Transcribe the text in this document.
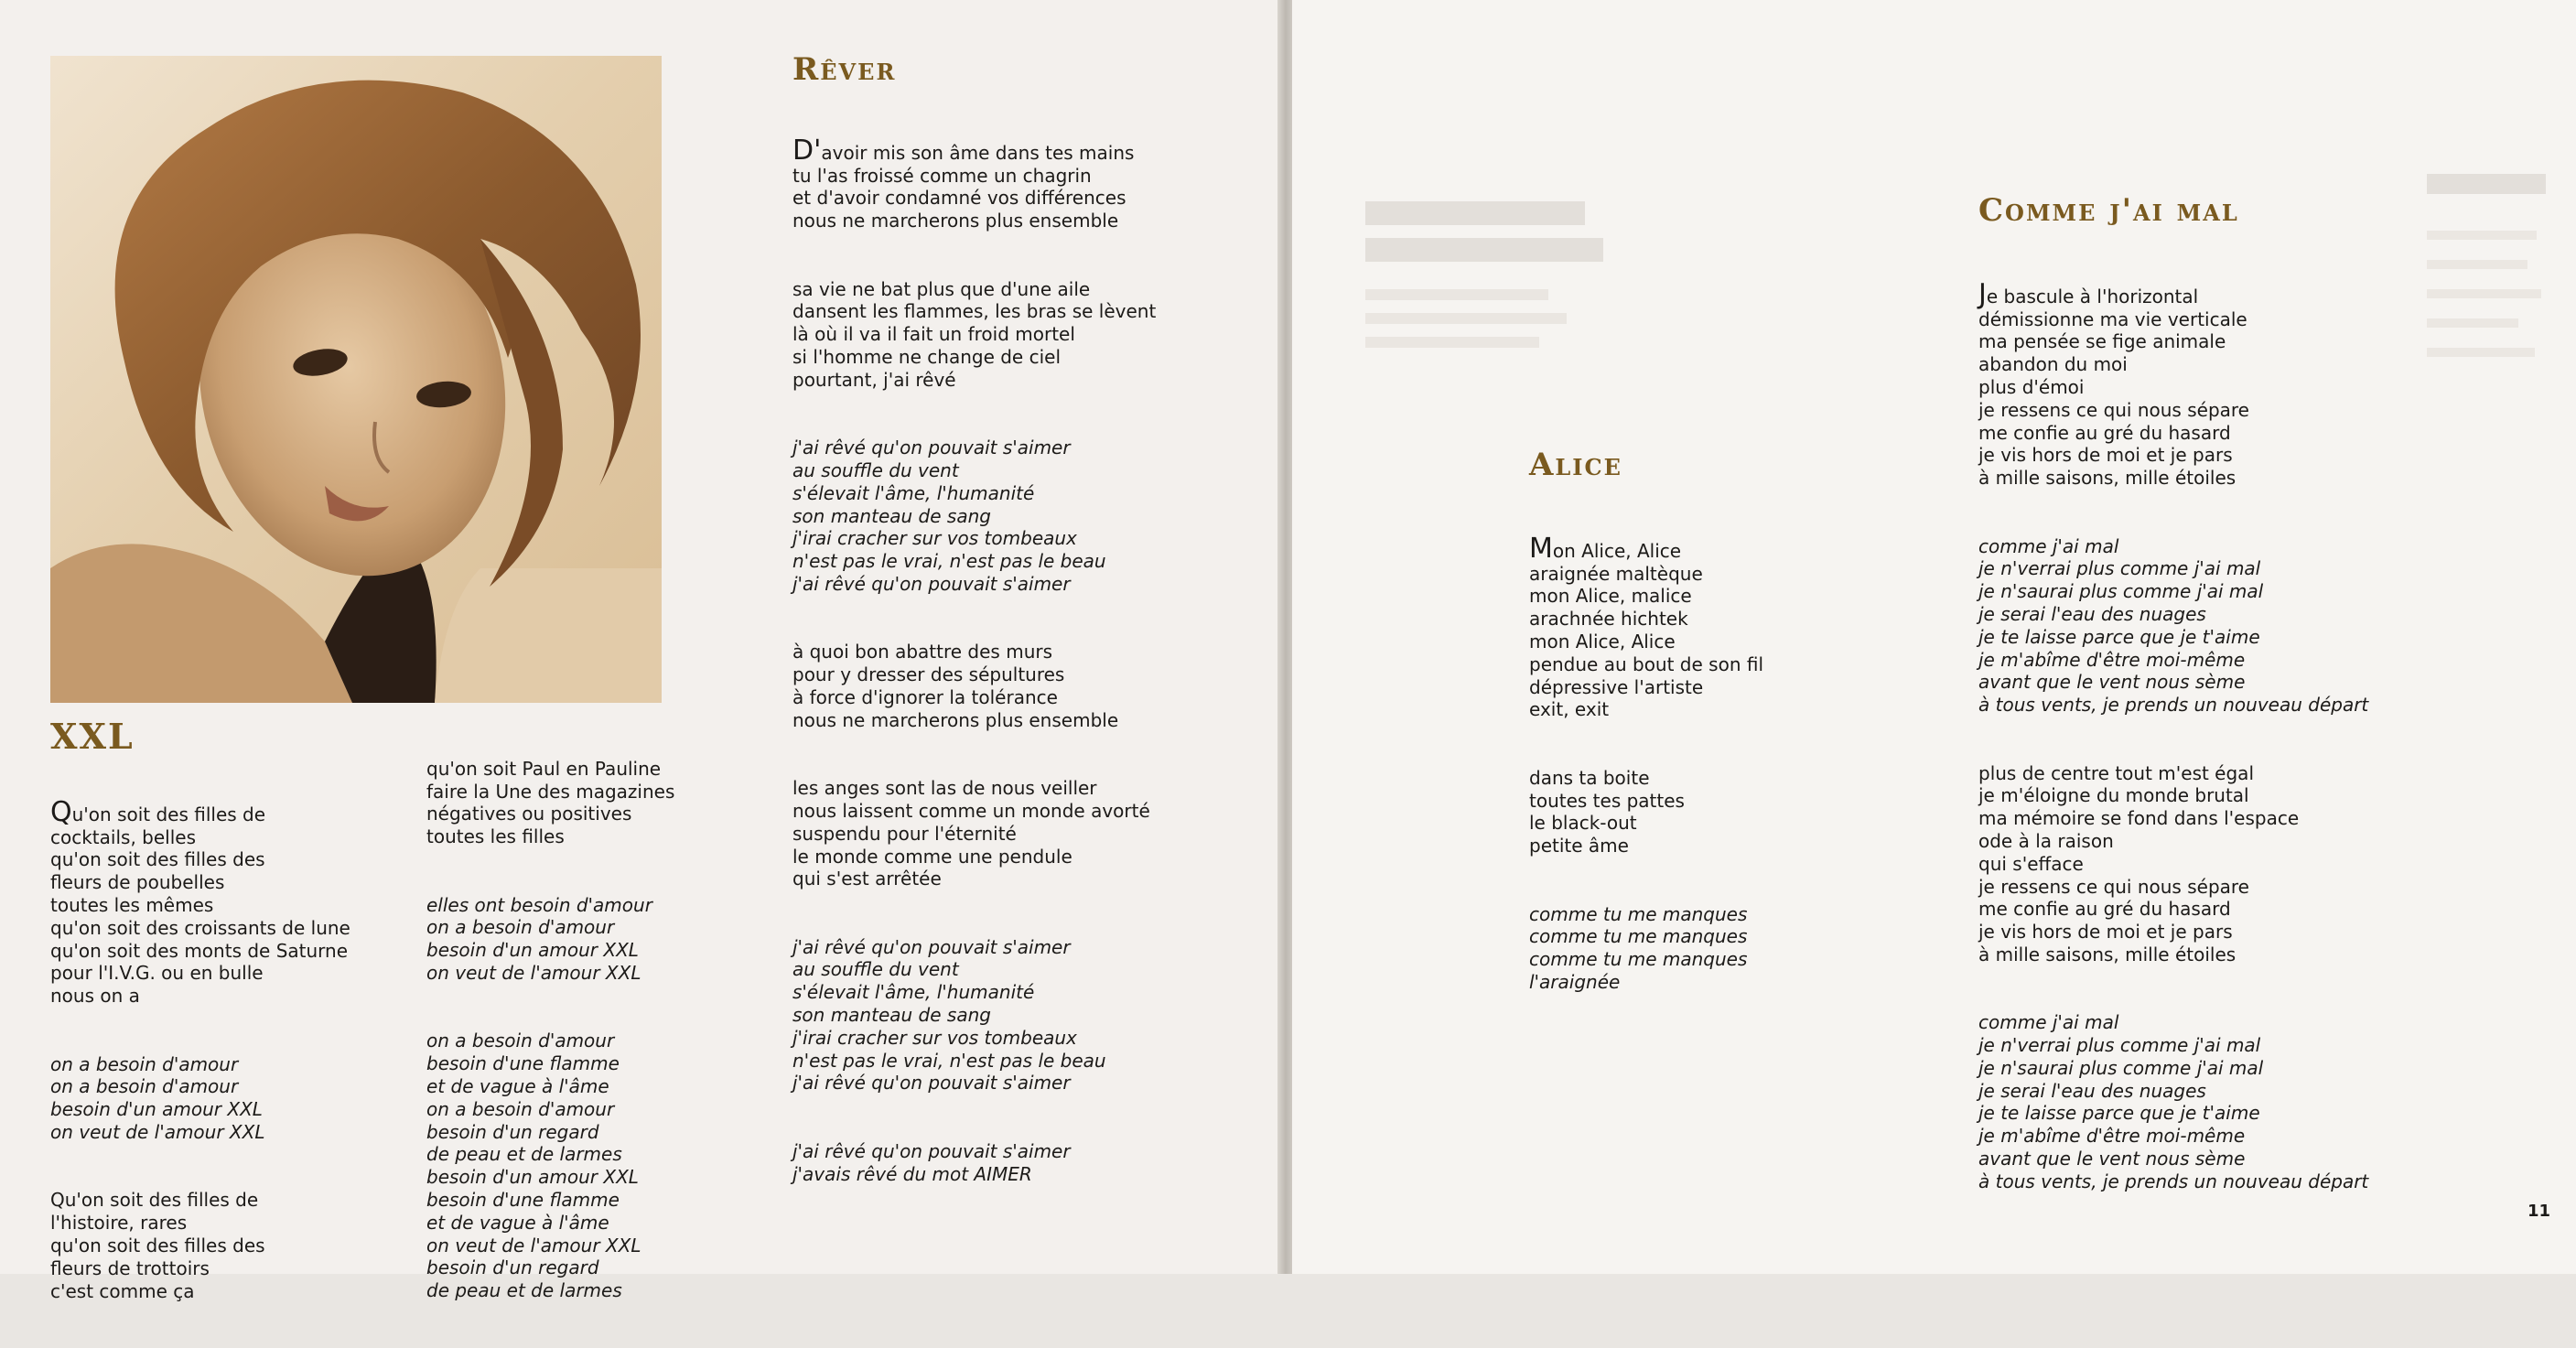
XXL

Qu'on soit des filles de
cocktails, belles
qu'on soit des filles des
fleurs de poubelles
toutes les mêmes
qu'on soit des croissants de lune
qu'on soit des monts de Saturne
pour l'I.V.G. ou en bulle
nous on a

on a besoin d'amour
on a besoin d'amour
besoin d'un amour XXL
on veut de l'amour XXL

Qu'on soit des filles de
l'histoire, rares
qu'on soit des filles des
fleurs de trottoirs
c'est comme ça

qu'on soit Paul en Pauline
faire la Une des magazines
négatives ou positives
toutes les filles

elles ont besoin d'amour
on a besoin d'amour
besoin d'un amour XXL
on veut de l'amour XXL

on a besoin d'amour
besoin d'une flamme
et de vague à l'âme
on a besoin d'amour
besoin d'un regard
de peau et de larmes
besoin d'un amour XXL
besoin d'une flamme
et de vague à l'âme
on veut de l'amour XXL
besoin d'un regard
de peau et de larmes

Rêver

D'avoir mis son âme dans tes mains
tu l'as froissé comme un chagrin
et d'avoir condamné vos différences
nous ne marcherons plus ensemble

sa vie ne bat plus que d'une aile
dansent les flammes, les bras se lèvent
là où il va il fait un froid mortel
si l'homme ne change de ciel
pourtant, j'ai rêvé

j'ai rêvé qu'on pouvait s'aimer
au souffle du vent
s'élevait l'âme, l'humanité
son manteau de sang
j'irai cracher sur vos tombeaux
n'est pas le vrai, n'est pas le beau
j'ai rêvé qu'on pouvait s'aimer

à quoi bon abattre des murs
pour y dresser des sépultures
à force d'ignorer la tolérance
nous ne marcherons plus ensemble

les anges sont las de nous veiller
nous laissent comme un monde avorté
suspendu pour l'éternité
le monde comme une pendule
qui s'est arrêtée

j'ai rêvé qu'on pouvait s'aimer
au souffle du vent
s'élevait l'âme, l'humanité
son manteau de sang
j'irai cracher sur vos tombeaux
n'est pas le vrai, n'est pas le beau
j'ai rêvé qu'on pouvait s'aimer

j'ai rêvé qu'on pouvait s'aimer
j'avais rêvé du mot AIMER

Alice

Mon Alice, Alice
araignée maltèque
mon Alice, malice
arachnée hichtek
mon Alice, Alice
pendue au bout de son fil
dépressive l'artiste
exit, exit

dans ta boite
toutes tes pattes
le black-out
petite âme

comme tu me manques
comme tu me manques
comme tu me manques
l'araignée

Comme j'ai mal

Je bascule à l'horizontal
démissionne ma vie verticale
ma pensée se fige animale
abandon du moi
plus d'émoi
je ressens ce qui nous sépare
me confie au gré du hasard
je vis hors de moi et je pars
à mille saisons, mille étoiles

comme j'ai mal
je n'verrai plus comme j'ai mal
je n'saurai plus comme j'ai mal
je serai l'eau des nuages
je te laisse parce que je t'aime
je m'abîme d'être moi-même
avant que le vent nous sème
à tous vents, je prends un nouveau départ

plus de centre tout m'est égal
je m'éloigne du monde brutal
ma mémoire se fond dans l'espace
ode à la raison
qui s'efface
je ressens ce qui nous sépare
me confie au gré du hasard
je vis hors de moi et je pars
à mille saisons, mille étoiles

comme j'ai mal
je n'verrai plus comme j'ai mal
je n'saurai plus comme j'ai mal
je serai l'eau des nuages
je te laisse parce que je t'aime
je m'abîme d'être moi-même
avant que le vent nous sème
à tous vents, je prends un nouveau départ

11
